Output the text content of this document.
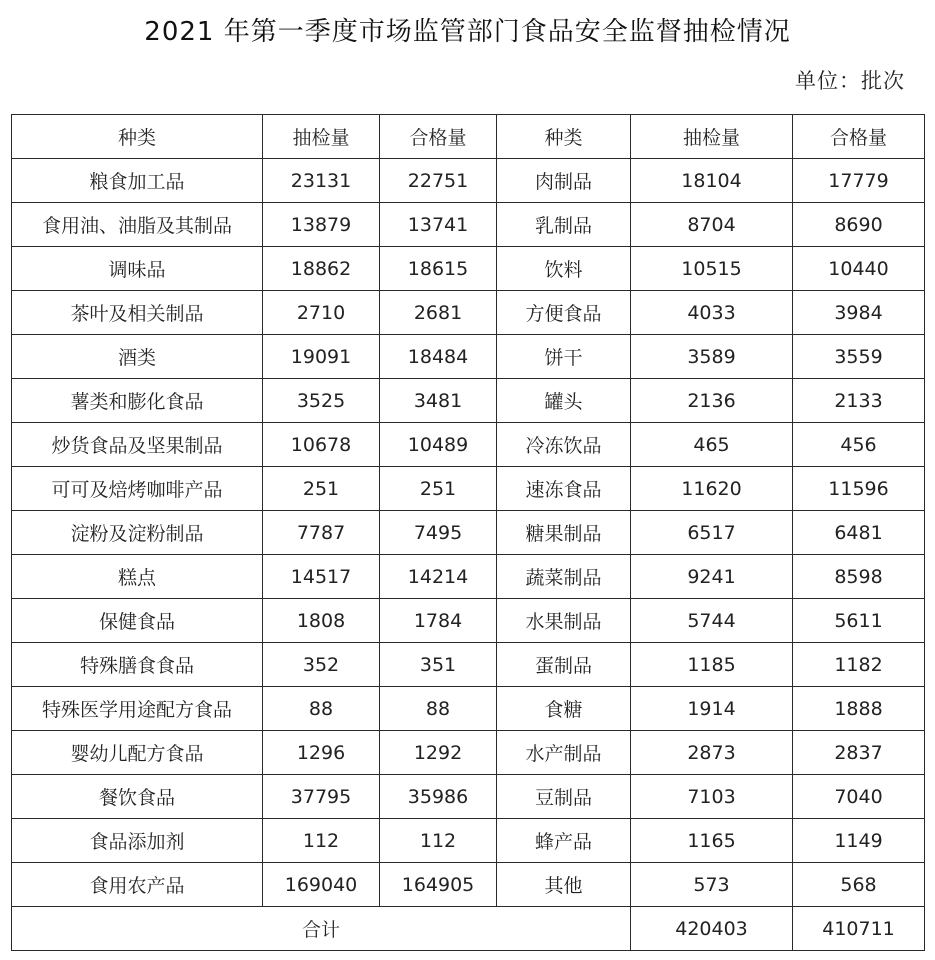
2021 年第一季度市场监管部门食品安全监督抽检情况
单位：批次
种类	抽检量	合格量	种类	抽检量	合格量
粮食加工品	23131	22751	肉制品	18104	17779
食用油、油脂及其制品	13879	13741	乳制品	8704	8690
调味品	18862	18615	饮料	10515	10440
茶叶及相关制品	2710	2681	方便食品	4033	3984
酒类	19091	18484	饼干	3589	3559
薯类和膨化食品	3525	3481	罐头	2136	2133
炒货食品及坚果制品	10678	10489	冷冻饮品	465	456
可可及焙烤咖啡产品	251	251	速冻食品	11620	11596
淀粉及淀粉制品	7787	7495	糖果制品	6517	6481
糕点	14517	14214	蔬菜制品	9241	8598
保健食品	1808	1784	水果制品	5744	5611
特殊膳食食品	352	351	蛋制品	1185	1182
特殊医学用途配方食品	88	88	食糖	1914	1888
婴幼儿配方食品	1296	1292	水产制品	2873	2837
餐饮食品	37795	35986	豆制品	7103	7040
食品添加剂	112	112	蜂产品	1165	1149
食用农产品	169040	164905	其他	573	568
合计				420403	410711
